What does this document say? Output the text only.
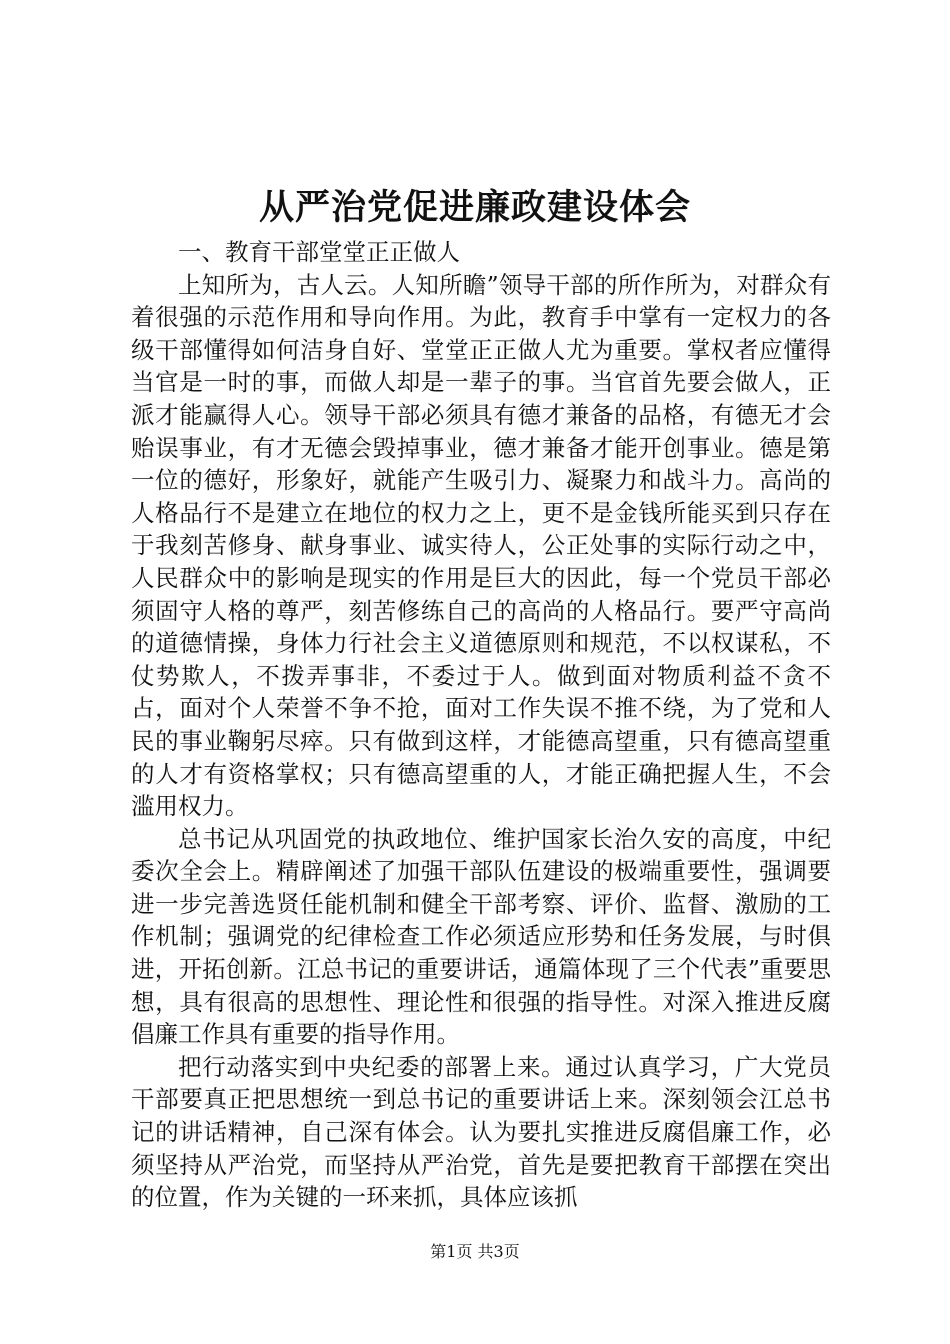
从严治党促进廉政建设体会

一、教育干部堂堂正正做人

上知所为，古人云。人知所瞻”领导干部的所作所为，对群众有着很强的示范作用和导向作用。为此，教育手中掌有一定权力的各级干部懂得如何洁身自好、堂堂正正做人尤为重要。掌权者应懂得当官是一时的事，而做人却是一辈子的事。当官首先要会做人，正派才能赢得人心。领导干部必须具有德才兼备的品格，有德无才会贻误事业，有才无德会毁掉事业，德才兼备才能开创事业。德是第一位的德好，形象好，就能产生吸引力、凝聚力和战斗力。高尚的人格品行不是建立在地位的权力之上，更不是金钱所能买到只存在于我刻苦修身、献身事业、诚实待人，公正处事的实际行动之中，人民群众中的影响是现实的作用是巨大的因此，每一个党员干部必须固守人格的尊严，刻苦修练自己的高尚的人格品行。要严守高尚的道德情操，身体力行社会主义道德原则和规范，不以权谋私，不仗势欺人，不拨弄事非，不委过于人。做到面对物质利益不贪不占，面对个人荣誉不争不抢，面对工作失误不推不绕，为了党和人民的事业鞠躬尽瘁。只有做到这样，才能德高望重，只有德高望重的人才有资格掌权；只有德高望重的人，才能正确把握人生，不会滥用权力。

总书记从巩固党的执政地位、维护国家长治久安的高度，中纪委次全会上。精辟阐述了加强干部队伍建设的极端重要性，强调要进一步完善选贤任能机制和健全干部考察、评价、监督、激励的工作机制；强调党的纪律检查工作必须适应形势和任务发展，与时俱进，开拓创新。江总书记的重要讲话，通篇体现了三个代表”重要思想，具有很高的思想性、理论性和很强的指导性。对深入推进反腐倡廉工作具有重要的指导作用。

把行动落实到中央纪委的部署上来。通过认真学习，广大党员干部要真正把思想统一到总书记的重要讲话上来。深刻领会江总书记的讲话精神，自己深有体会。认为要扎实推进反腐倡廉工作，必须坚持从严治党，而坚持从严治党，首先是要把教育干部摆在突出的位置，作为关键的一环来抓，具体应该抓

第1页 共3页
